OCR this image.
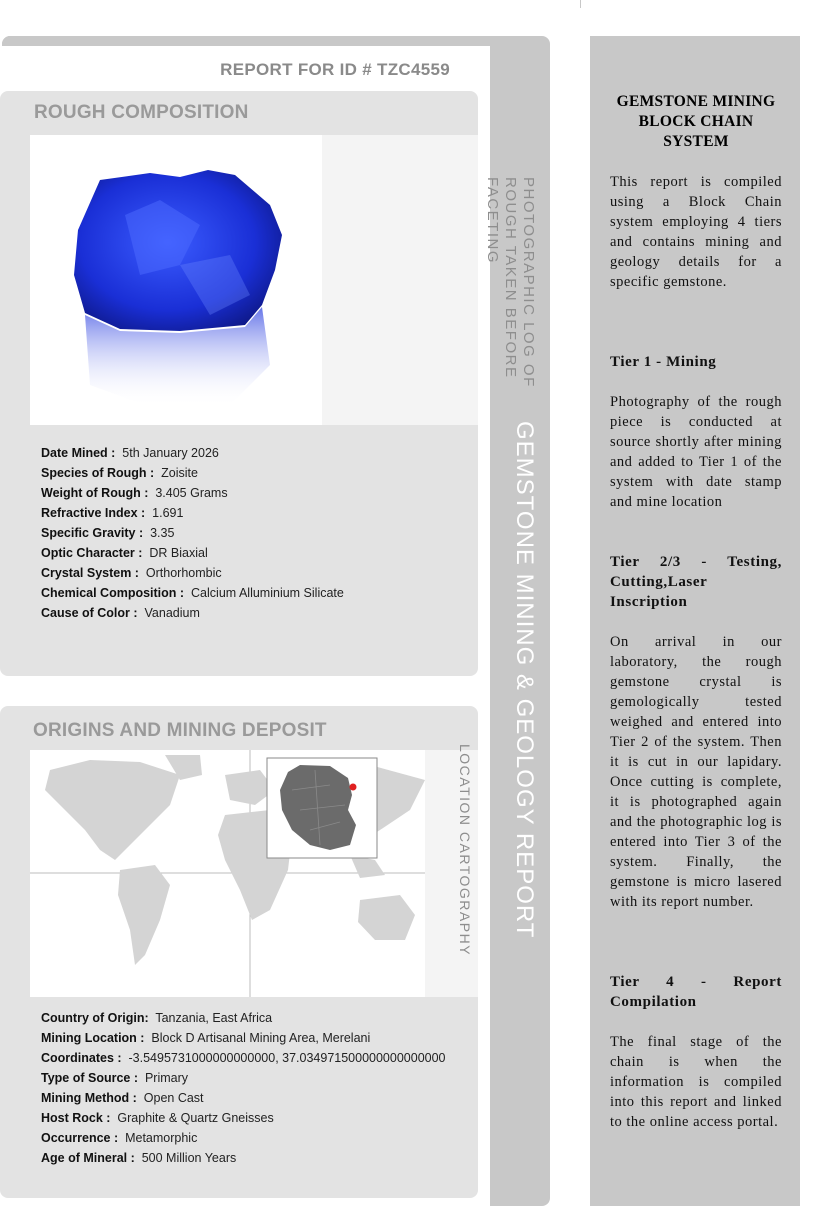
REPORT FOR ID # TZC4559
ROUGH COMPOSITION
PHOTOGRAPHIC LOG OF ROUGH TAKEN BEFORE FACETING
Date Mined : 5th January 2026
Species of Rough : Zoisite
Weight of Rough : 3.405 Grams
Refractive Index : 1.691
Specific Gravity : 3.35
Optic Character : DR Biaxial
Crystal System : Orthorhombic
Chemical Composition : Calcium Alluminium Silicate
Cause of Color : Vanadium
ORIGINS AND MINING DEPOSIT
LOCATION CARTOGRAPHY
Country of Origin: Tanzania, East Africa
Mining Location : Block D Artisanal Mining Area, Merelani
Coordinates : -3.5495731000000000000, 37.034971500000000000000
Type of Source : Primary
Mining Method : Open Cast
Host Rock : Graphite & Quartz Gneisses
Occurrence : Metamorphic
Age of Mineral : 500 Million Years
GEMSTONE MINING & GEOLOGY REPORT
GEMSTONE MINING BLOCK CHAIN SYSTEM
This report is compiled using a Block Chain system employing 4 tiers and contains mining and geology details for a specific gemstone.
Tier 1 - Mining
Photography of the rough piece is conducted at source shortly after mining and added to Tier 1 of the system with date stamp and mine location
Tier 2/3 - Testing, Cutting,Laser Inscription
On arrival in our laboratory, the rough gemstone crystal is gemologically tested weighed and entered into Tier 2 of the system. Then it is cut in our lapidary. Once cutting is complete, it is photographed again and the photographic log is entered into Tier 3 of the system. Finally, the gemstone is micro lasered with its report number.
Tier 4 - Report Compilation
The final stage of the chain is when the information is compiled into this report and linked to the online access portal.
